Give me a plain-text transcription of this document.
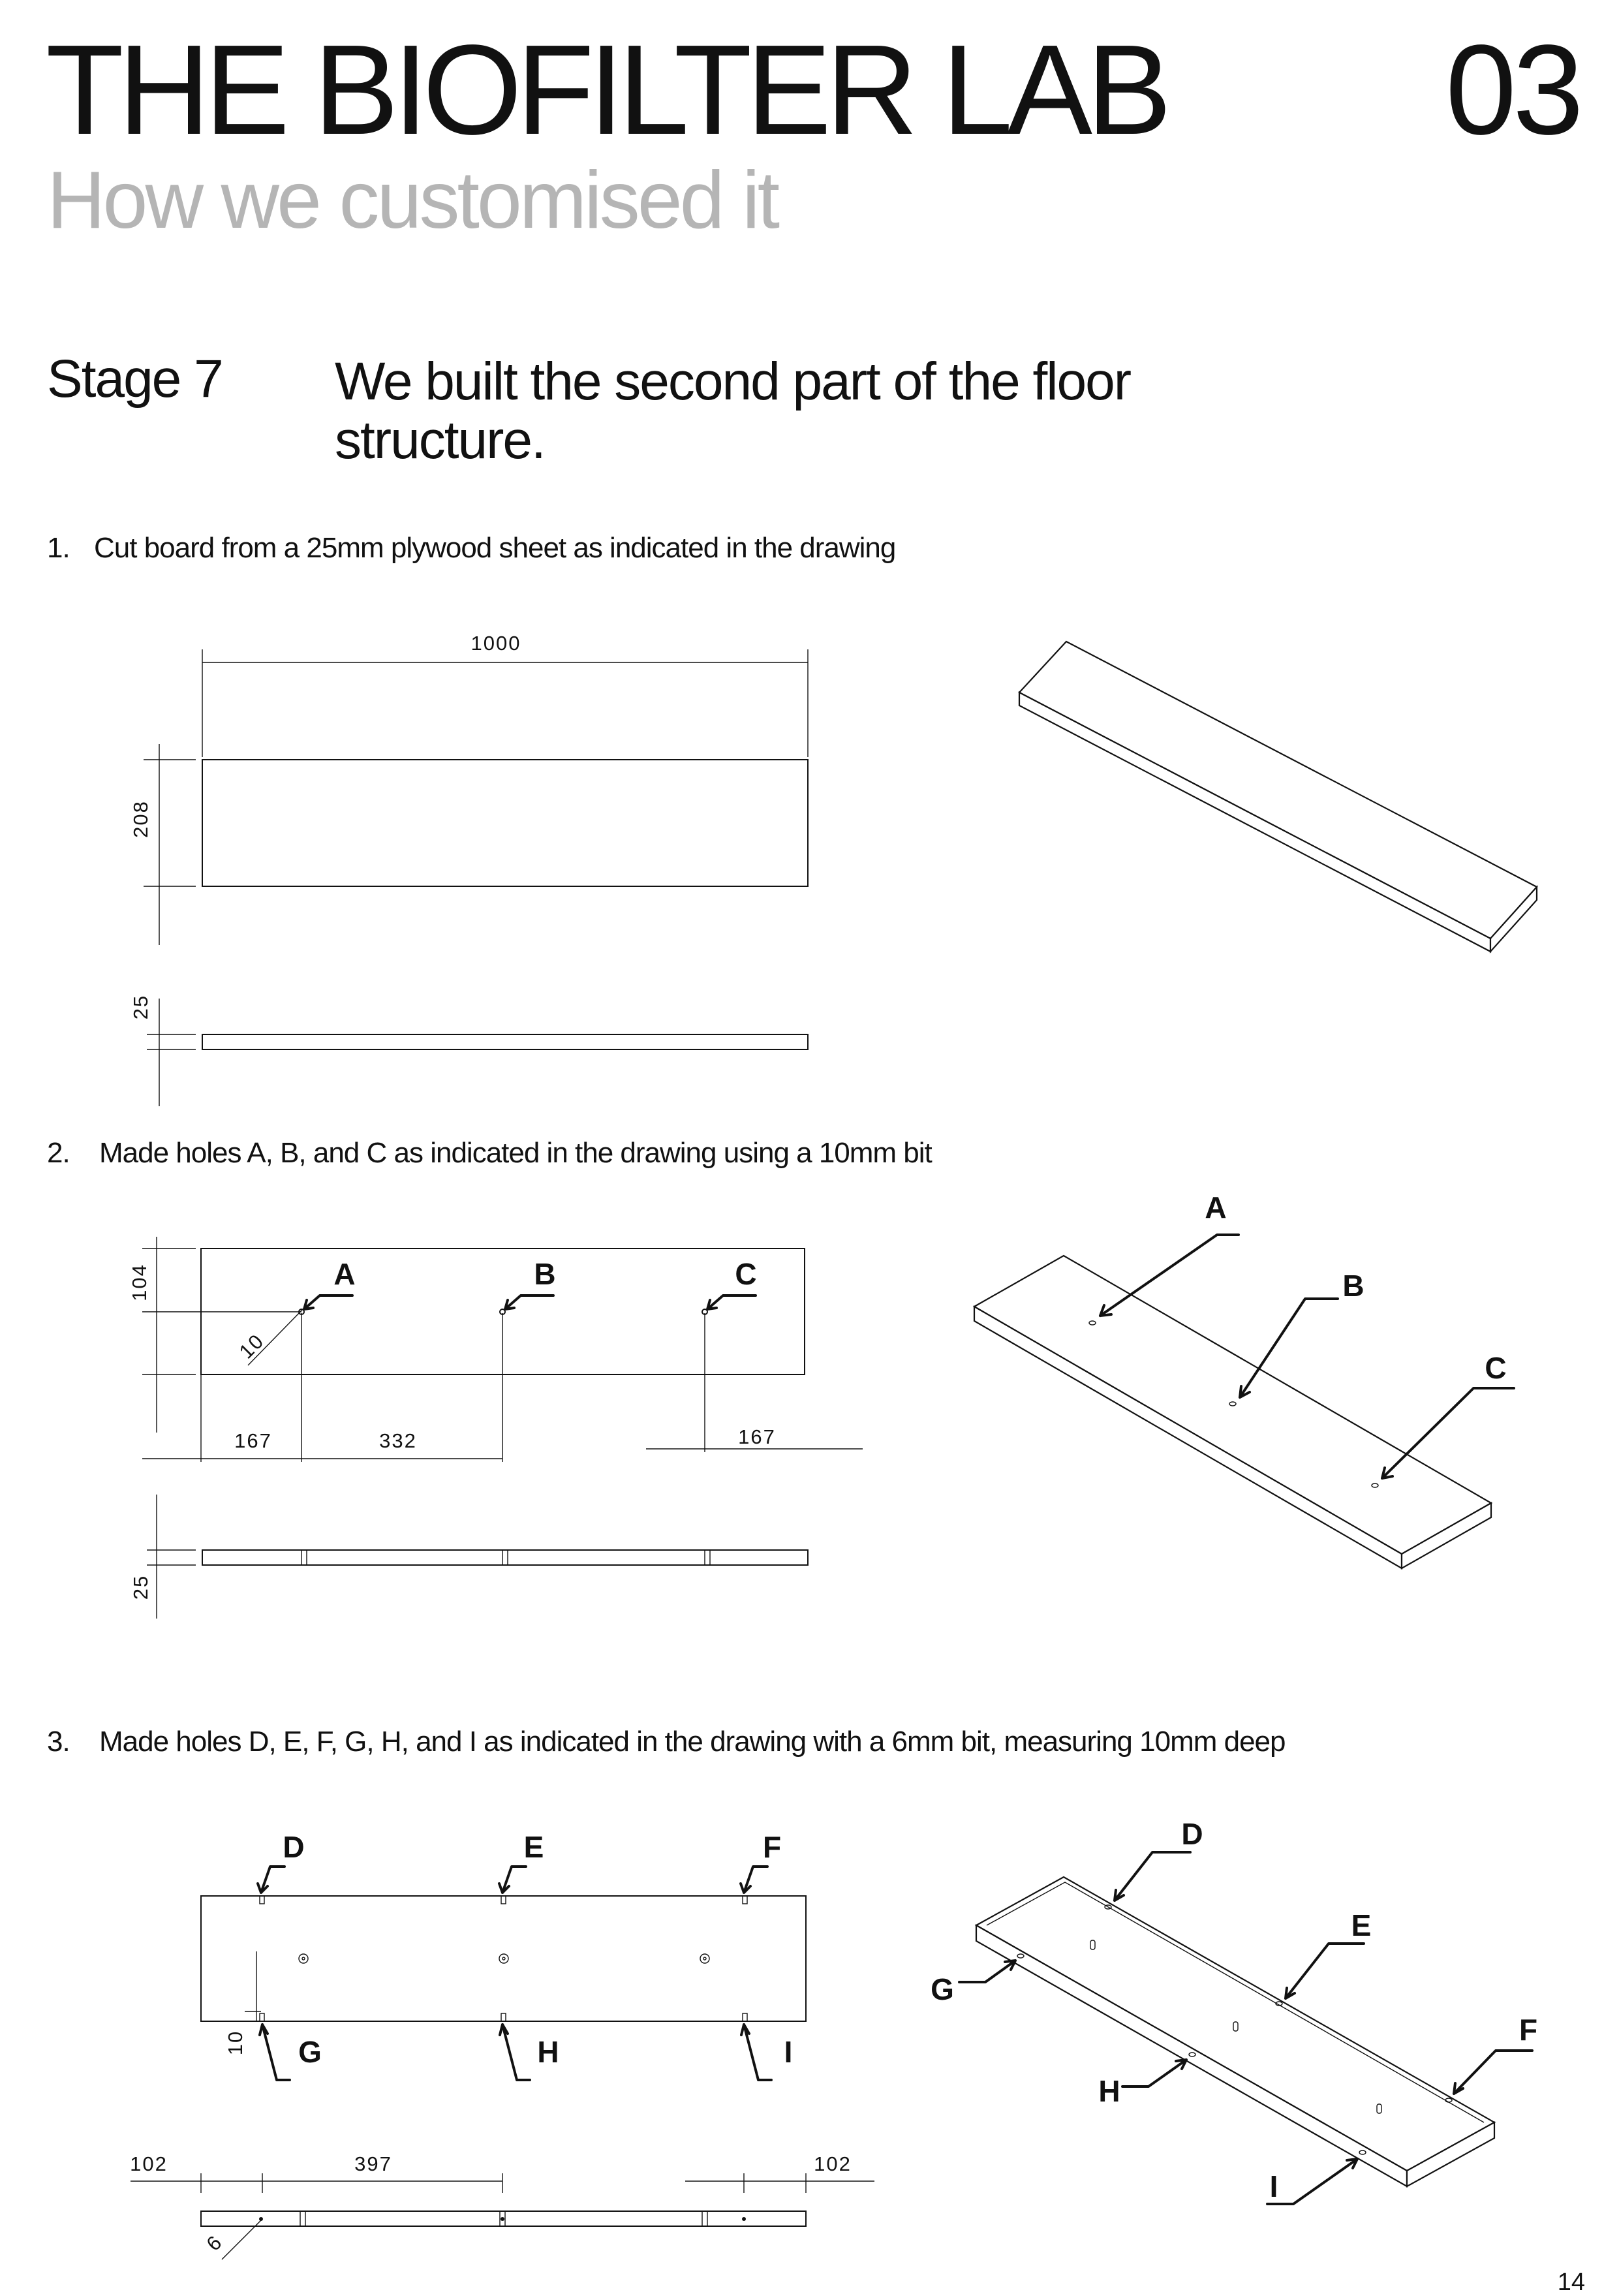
THE BIOFILTER LAB 03
How we customised it
Stage 7 We built the second part of the floor structure.
1. Cut board from a 25mm plywood sheet as indicated in the drawing
2. Made holes A, B, and C as indicated in the drawing using a 10mm bit
3. Made holes D, E, F, G, H, and I as indicated in the drawing with a 6mm bit, measuring 10mm deep
1000
208
25
104	A	B	C
10
167	332	167
25
A
B
C
D	E	F
G	H	I
10
102	397	102
6
D
E
F
G
H
I
14
